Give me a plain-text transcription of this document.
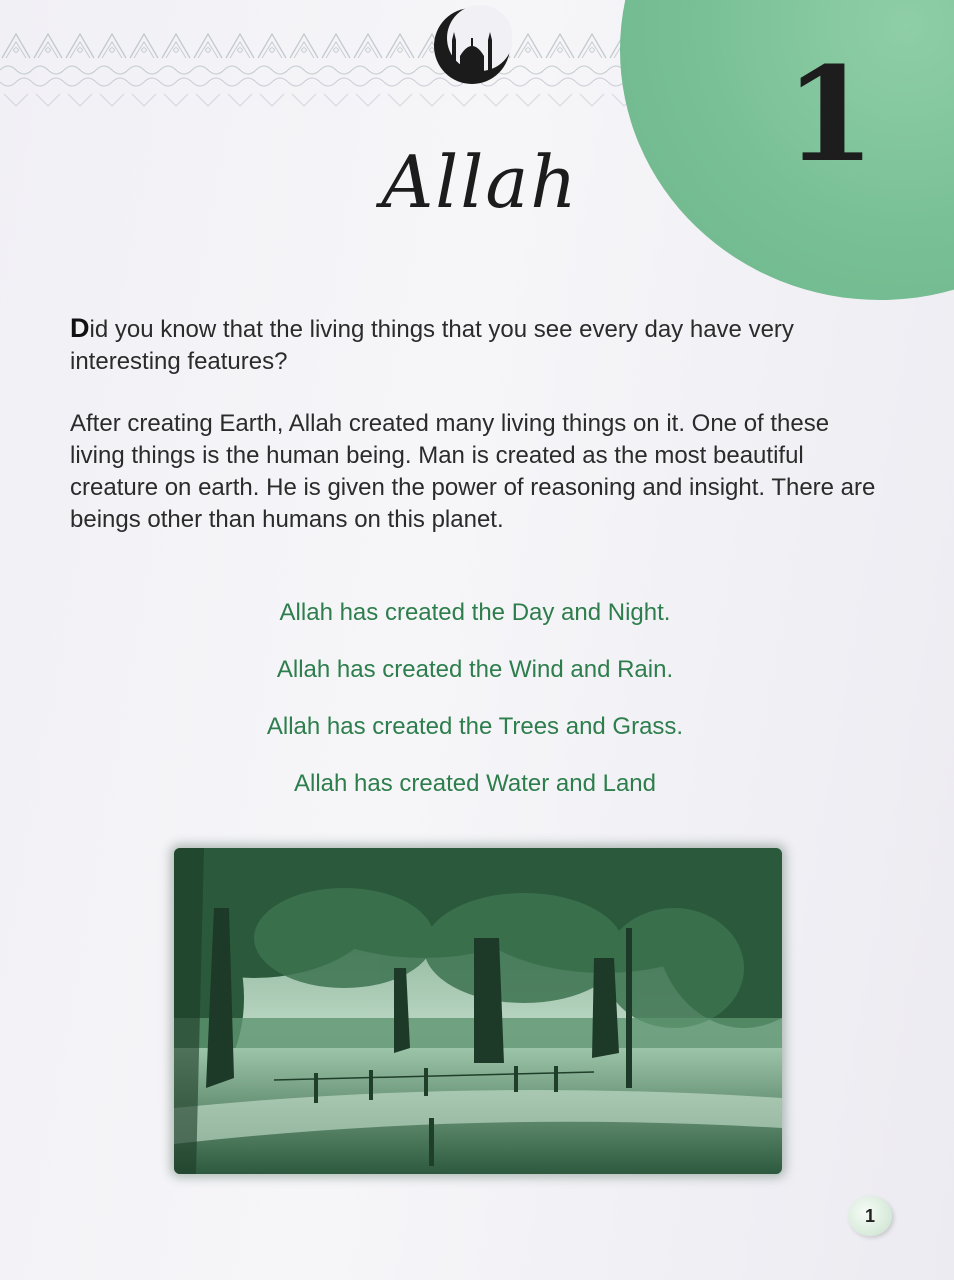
1
Allah

Did you know that the living things that you see every day have very interesting features?

After creating Earth, Allah created many living things on it. One of these living things is the human being. Man is created as the most beautiful creature on earth. He is given the power of reasoning and insight. There are beings other than humans on this planet.

Allah has created the Day and Night.
Allah has created the Wind and Rain.
Allah has created the Trees and Grass.
Allah has created Water and Land
1
